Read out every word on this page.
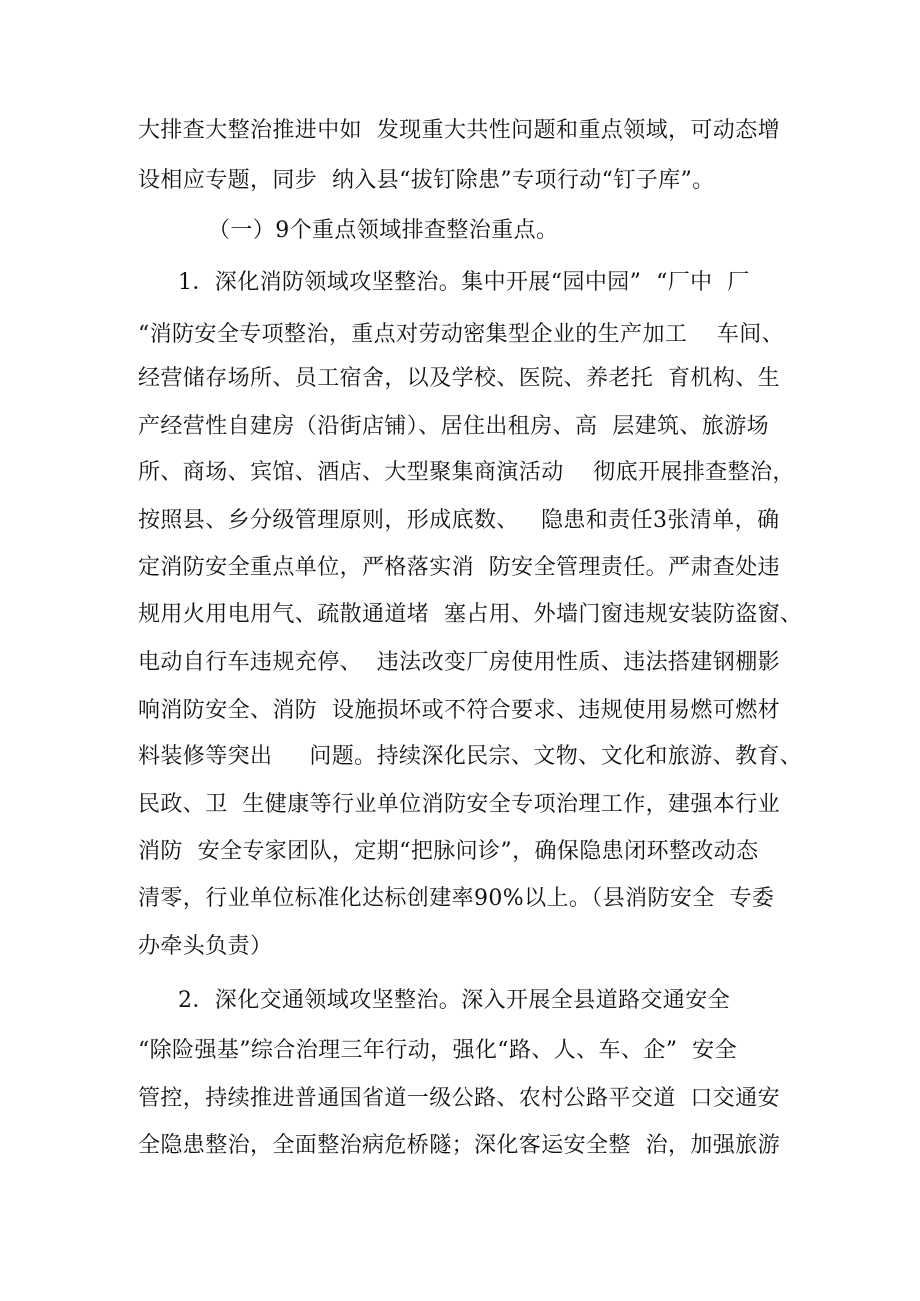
大排查大整治推进中如  发现重大共性问题和重点领域，可动态增
设相应专题，同步  纳入县“拔钉除患”专项行动“钉子库”。
（一）9个重点领域排查整治重点。
1．深化消防领域攻坚整治。集中开展“园中园”  “厂中  厂
“消防安全专项整治，重点对劳动密集型企业的生产加工    车间、
经营储存场所、员工宿舍，以及学校、医院、养老托  育机构、生
产经营性自建房（沿街店铺）、居住出租房、高  层建筑、旅游场
所、商场、宾馆、酒店、大型聚集商演活动    彻底开展排查整治，
按照县、乡分级管理原则，形成底数、   隐患和责任3张清单，确
定消防安全重点单位，严格落实消  防安全管理责任。严肃查处违
规用火用电用气、疏散通道堵  塞占用、外墙门窗违规安装防盗窗、
电动自行车违规充停、  违法改变厂房使用性质、违法搭建钢棚影
响消防安全、消防  设施损坏或不符合要求、违规使用易燃可燃材
料装修等突出     问题。持续深化民宗、文物、文化和旅游、教育、
民政、卫  生健康等行业单位消防安全专项治理工作，建强本行业
消防  安全专家团队，定期“把脉问诊”，确保隐患闭环整改动态
清零，行业单位标准化达标创建率90%以上。（县消防安全  专委
办牵头负责）
2．深化交通领域攻坚整治。深入开展全县道路交通安全
“除险强基”综合治理三年行动，强化“路、人、车、企”  安全
管控，持续推进普通国省道一级公路、农村公路平交道  口交通安
全隐患整治，全面整治病危桥隧；深化客运安全整  治，加强旅游
